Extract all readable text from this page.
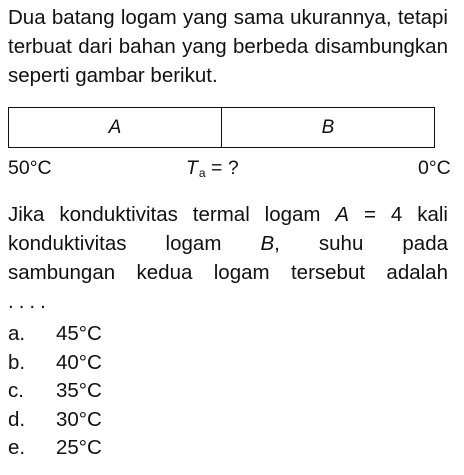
Dua batang logam yang sama ukurannya, tetapi terbuat dari bahan yang berbeda disambungkan seperti gambar berikut.

A	B
50°C	$T_a$ = ?	0°C
Jika konduktivitas termal logam A = 4 kali
konduktivitas logam B, suhu pada
sambungan kedua logam tersebut adalah
....
a.	45°C
b.	40°C
c.	35°C
d.	30°C
e.	25°C
